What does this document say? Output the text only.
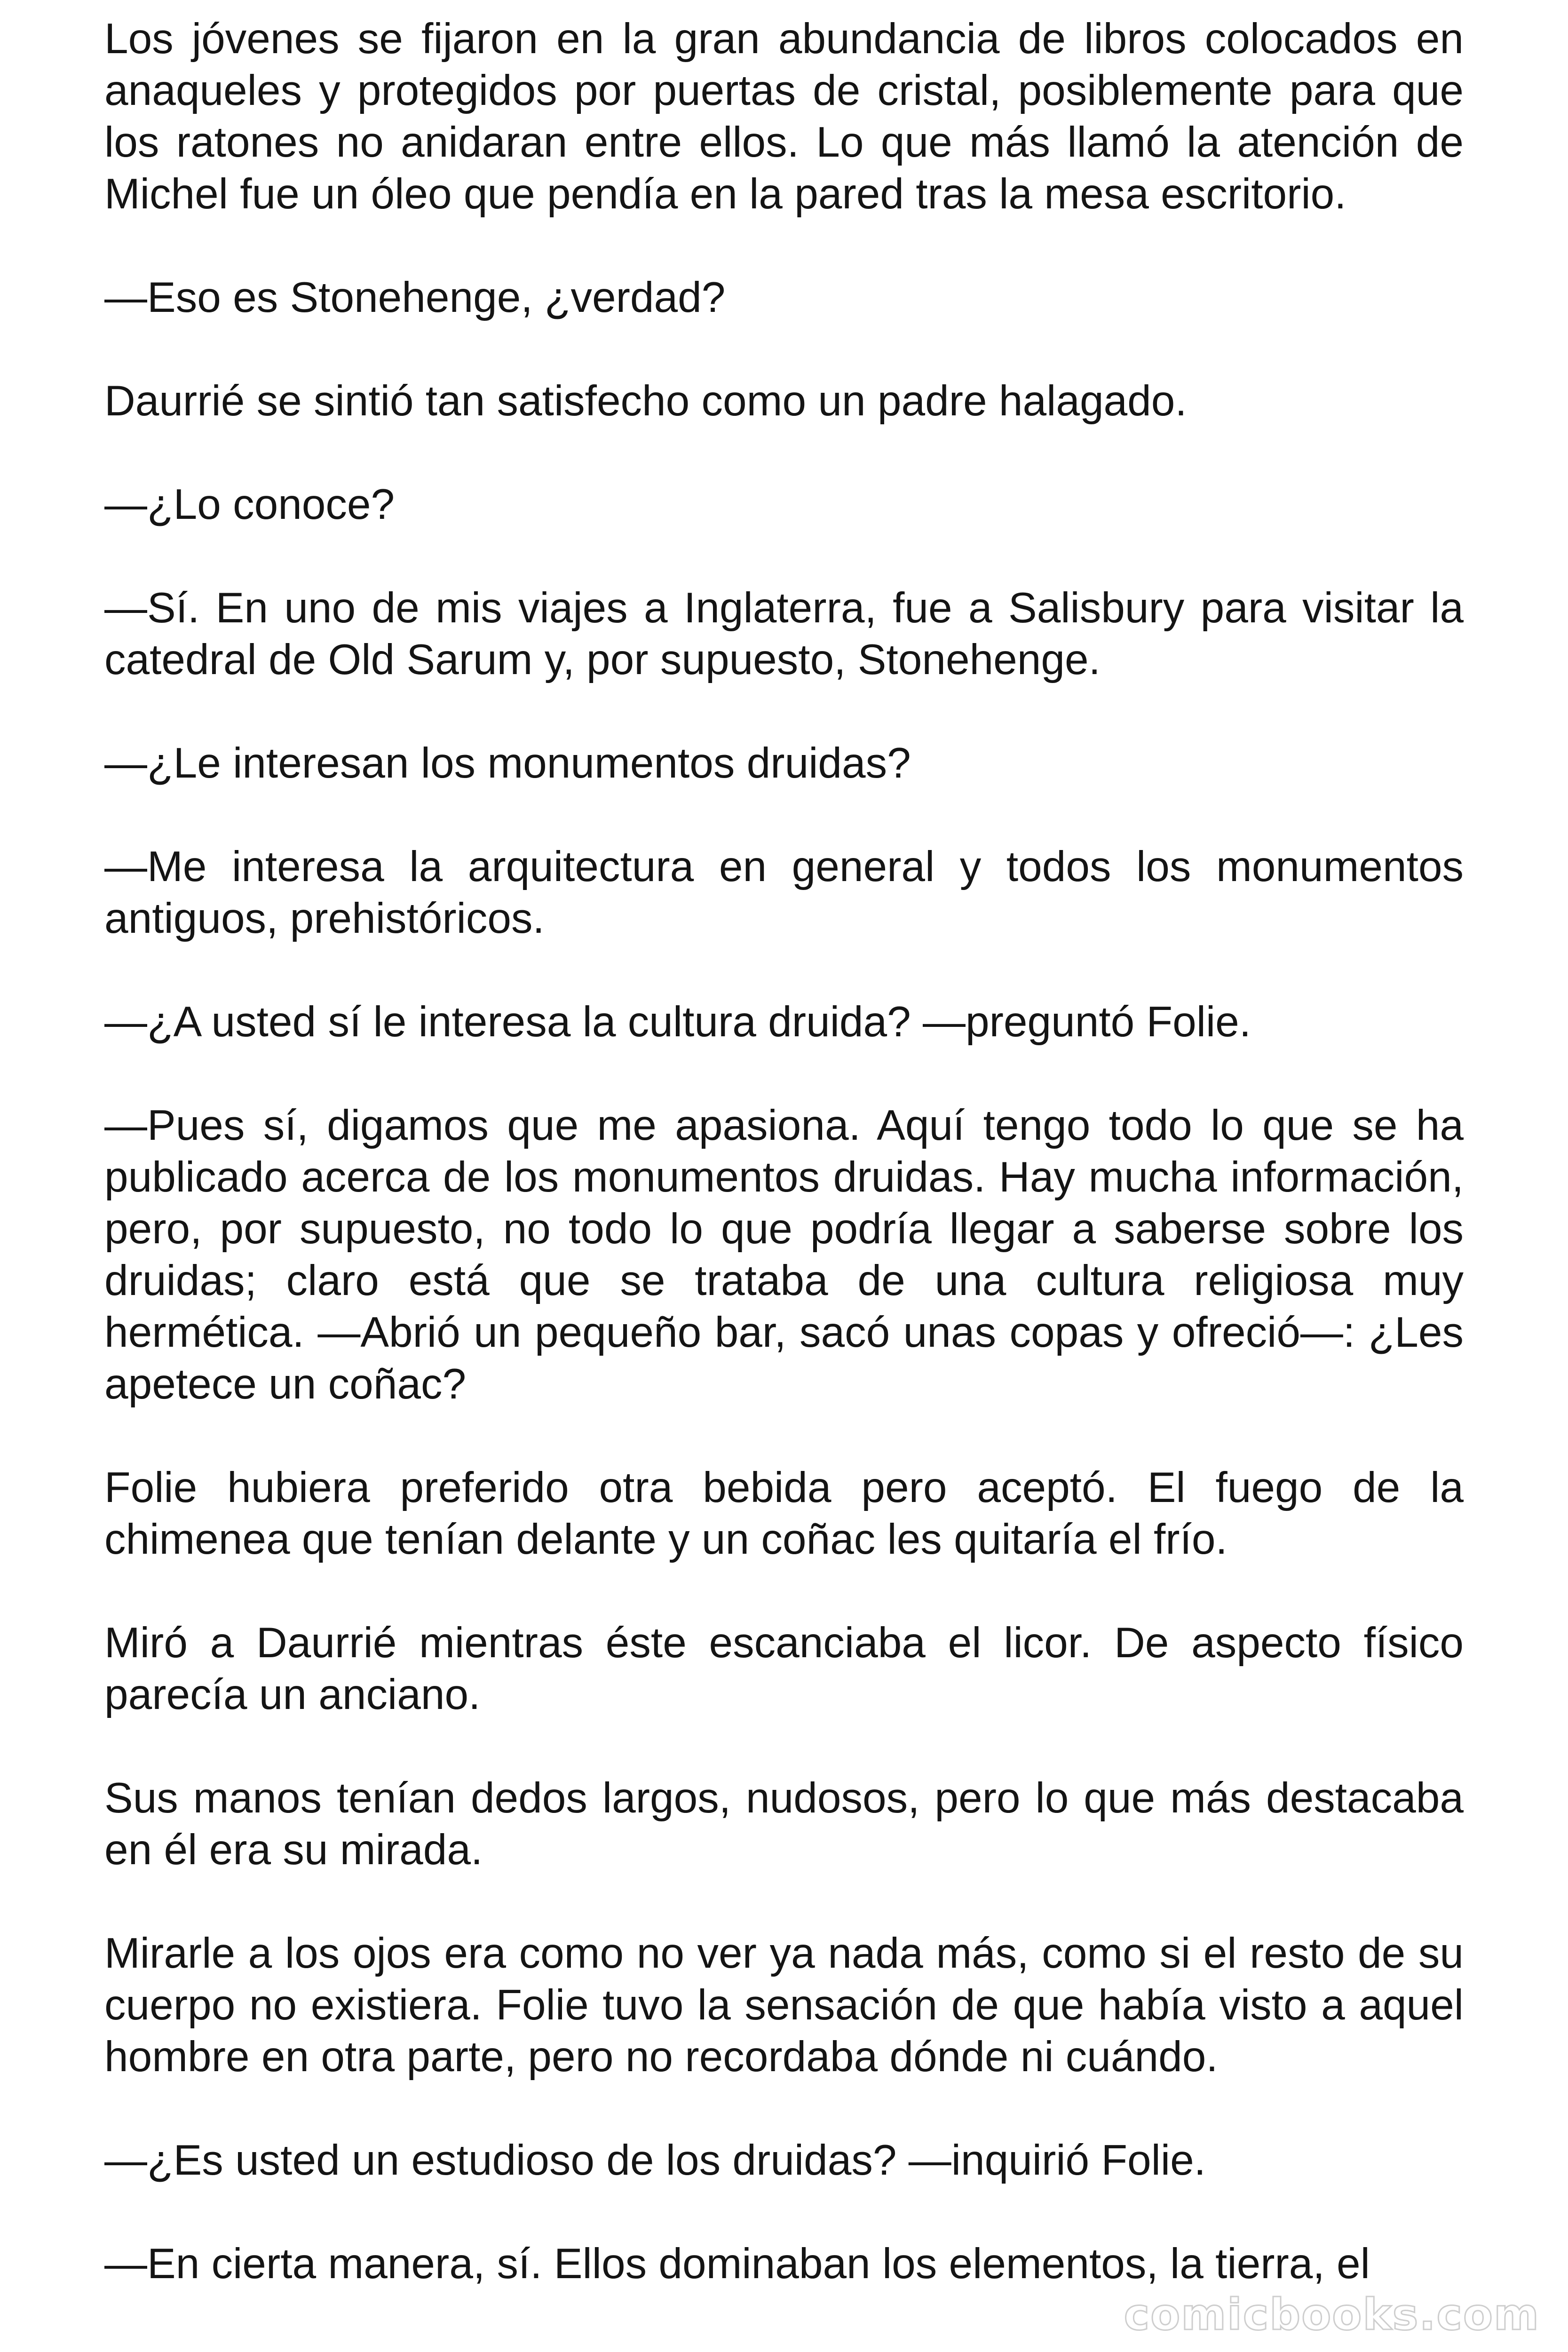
Los jóvenes se fijaron en la gran abundancia de libros colocados en anaqueles y protegidos por puertas de cristal, posiblemente para que los ratones no anidaran entre ellos. Lo que más llamó la atención de Michel fue un óleo que pendía en la pared tras la mesa escritorio.

—Eso es Stonehenge, ¿verdad?

Daurrié se sintió tan satisfecho como un padre halagado.

—¿Lo conoce?

—Sí. En uno de mis viajes a Inglaterra, fue a Salisbury para visitar la catedral de Old Sarum y, por supuesto, Stonehenge.

—¿Le interesan los monumentos druidas?

—Me interesa la arquitectura en general y todos los monumentos antiguos, prehistóricos.

—¿A usted sí le interesa la cultura druida? —preguntó Folie.

—Pues sí, digamos que me apasiona. Aquí tengo todo lo que se ha publicado acerca de los monumentos druidas. Hay mucha información, pero, por supuesto, no todo lo que podría llegar a saberse sobre los druidas; claro está que se trataba de una cultura religiosa muy hermética. —Abrió un pequeño bar, sacó unas copas y ofreció—: ¿Les apetece un coñac?

Folie hubiera preferido otra bebida pero aceptó. El fuego de la chimenea que tenían delante y un coñac les quitaría el frío.

Miró a Daurrié mientras éste escanciaba el licor. De aspecto físico parecía un anciano.

Sus manos tenían dedos largos, nudosos, pero lo que más destacaba en él era su mirada.

Mirarle a los ojos era como no ver ya nada más, como si el resto de su cuerpo no existiera. Folie tuvo la sensación de que había visto a aquel hombre en otra parte, pero no recordaba dónde ni cuándo.

—¿Es usted un estudioso de los druidas? —inquirió Folie.

—En cierta manera, sí. Ellos dominaban los elementos, la tierra, el

comicbooks.com
